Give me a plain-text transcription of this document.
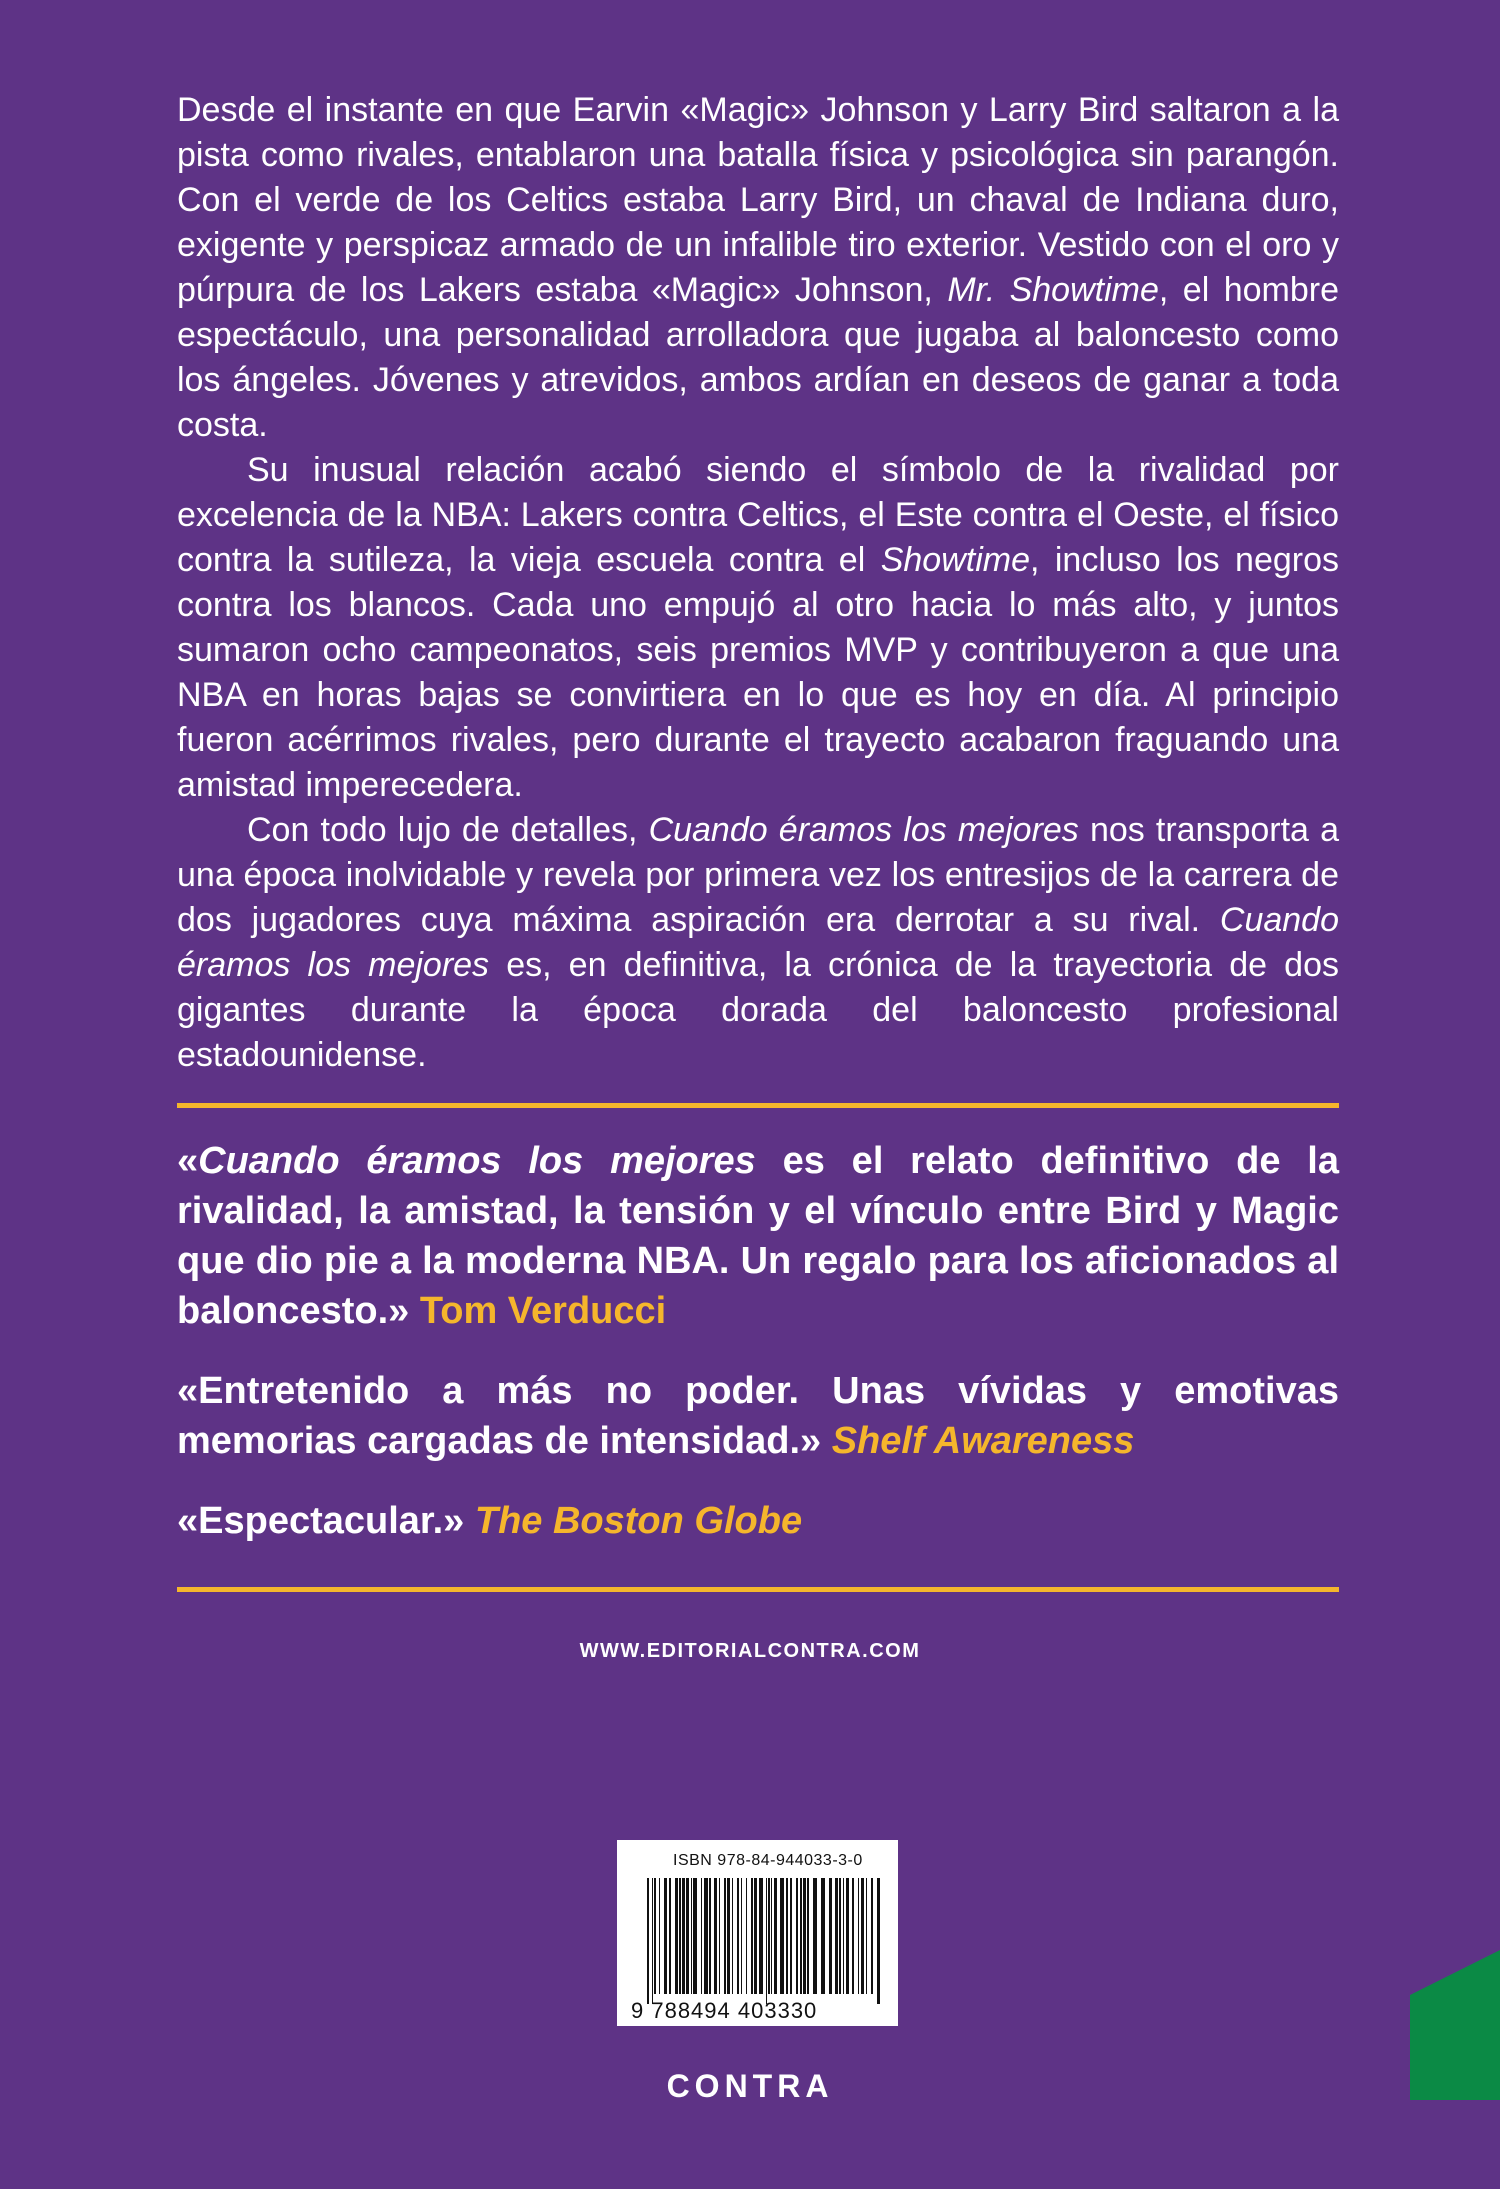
Desde el instante en que Earvin «Magic» Johnson y Larry Bird saltaron a la pista como rivales, entablaron una batalla física y psicológica sin parangón. Con el verde de los Celtics estaba Larry Bird, un chaval de Indiana duro, exigente y perspicaz armado de un infalible tiro exterior. Vestido con el oro y púrpura de los Lakers estaba «Magic» Johnson, Mr. Showtime, el hombre espectáculo, una personalidad arrolladora que jugaba al baloncesto como los ángeles. Jóvenes y atrevidos, ambos ardían en deseos de ganar a toda costa.

Su inusual relación acabó siendo el símbolo de la rivalidad por excelencia de la NBA: Lakers contra Celtics, el Este contra el Oeste, el físico contra la sutileza, la vieja escuela contra el Showtime, incluso los negros contra los blancos. Cada uno empujó al otro hacia lo más alto, y juntos sumaron ocho campeonatos, seis premios MVP y contribuyeron a que una NBA en horas bajas se convirtiera en lo que es hoy en día. Al principio fueron acérrimos rivales, pero durante el trayecto acabaron fraguando una amistad imperecedera.

Con todo lujo de detalles, Cuando éramos los mejores nos transporta a una época inolvidable y revela por primera vez los entresijos de la carrera de dos jugadores cuya máxima aspiración era derrotar a su rival. Cuando éramos los mejores es, en definitiva, la crónica de la trayectoria de dos gigantes durante la época dorada del baloncesto profesional estadounidense.

«Cuando éramos los mejores es el relato definitivo de la rivalidad, la amistad, la tensión y el vínculo entre Bird y Magic que dio pie a la moderna NBA. Un regalo para los aficionados al baloncesto.» Tom Verducci

«Entretenido a más no poder. Unas vívidas y emotivas memorias cargadas de intensidad.» Shelf Awareness

«Espectacular.» The Boston Globe

WWW.EDITORIALCONTRA.COM
ISBN 978-84-944033-3-0
9 788494 403330
CONTRA
